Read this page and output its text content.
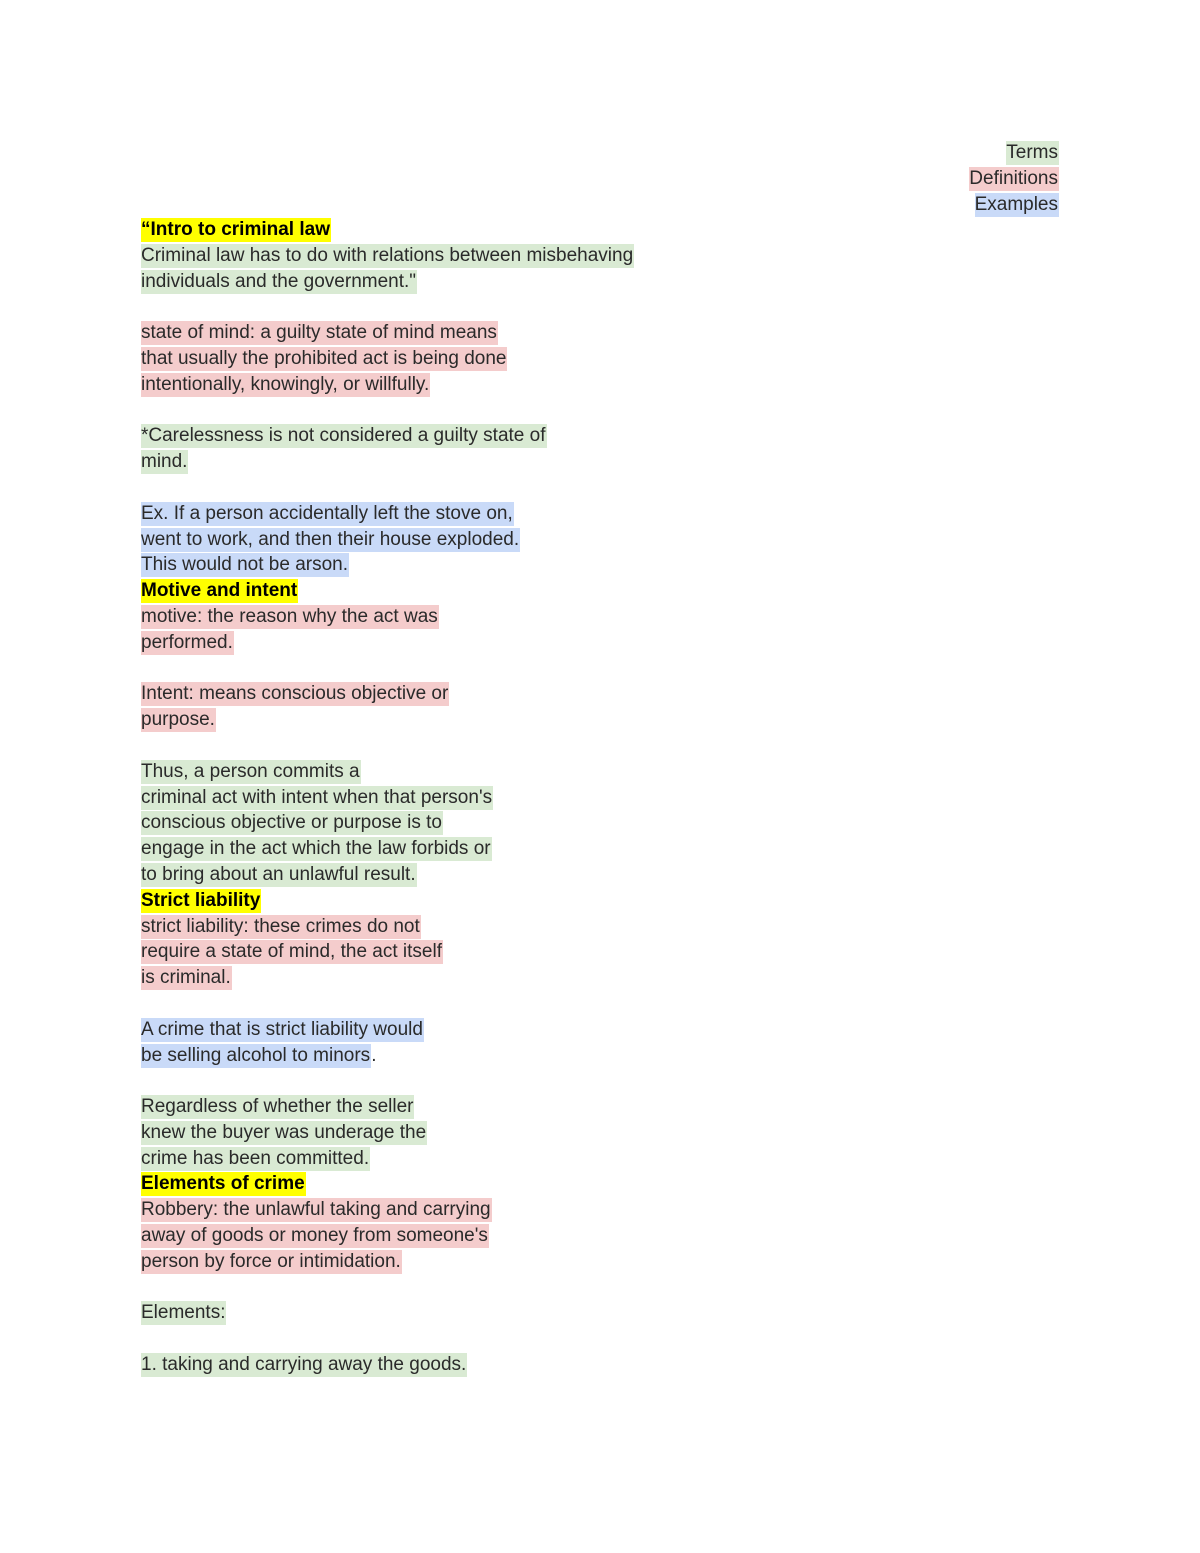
Terms
Definitions
Examples
“Intro to criminal law
Criminal law has to do with relations between misbehaving
individuals and the government."
state of mind: a guilty state of mind means
that usually the prohibited act is being done
intentionally, knowingly, or willfully.
*Carelessness is not considered a guilty state of
mind.
Ex. If a person accidentally left the stove on,
went to work, and then their house exploded.
This would not be arson.
Motive and intent
motive: the reason why the act was
performed.
Intent: means conscious objective or
purpose.
Thus, a person commits a
criminal act with intent when that person's
conscious objective or purpose is to
engage in the act which the law forbids or
to bring about an unlawful result.
Strict liability
strict liability: these crimes do not
require a state of mind, the act itself
is criminal.
A crime that is strict liability would
be selling alcohol to minors.
Regardless of whether the seller
knew the buyer was underage the
crime has been committed.
Elements of crime
Robbery: the unlawful taking and carrying
away of goods or money from someone's
person by force or intimidation.
Elements:
1. taking and carrying away the goods.
